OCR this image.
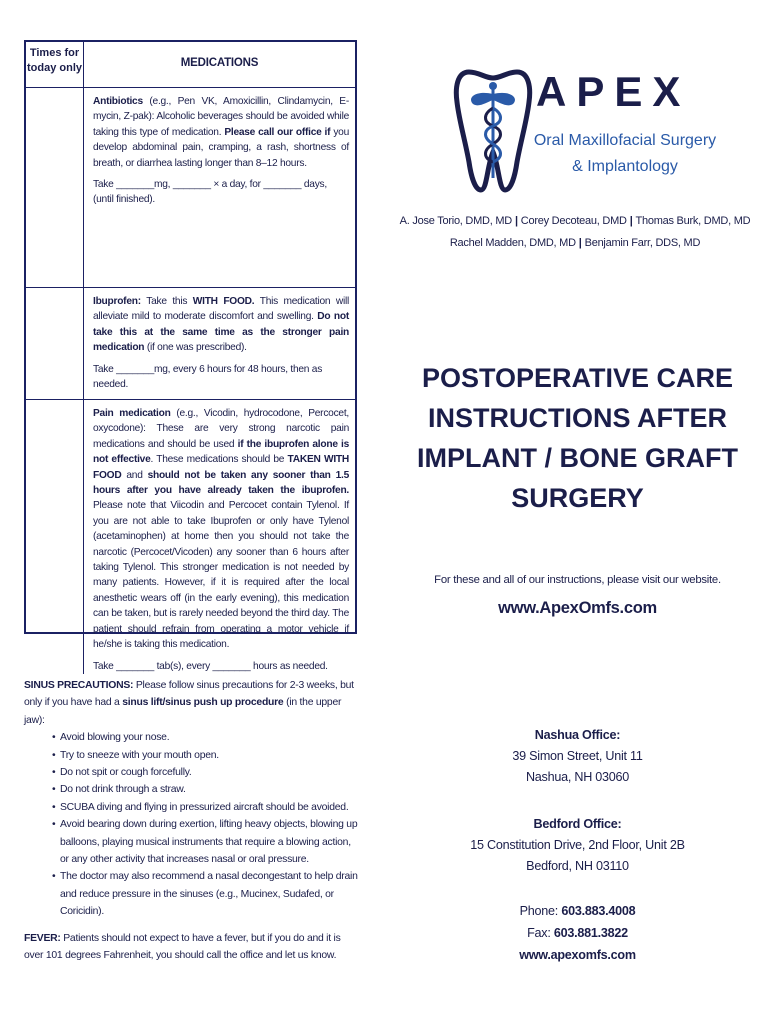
Times for today only	MEDICATIONS

Antibiotics (e.g., Pen VK, Amoxicillin, Clindamycin, E-mycin, Z-pak): Alcoholic beverages should be avoided while taking this type of medication. Please call our office if you develop abdominal pain, cramping, a rash, shortness of breath, or diarrhea lasting longer than 8–12 hours.

Take _______mg, _______ × a day, for _______ days, (until finished).

Ibuprofen: Take this WITH FOOD. This medication will alleviate mild to moderate discomfort and swelling. Do not take this at the same time as the stronger pain medication (if one was prescribed).

Take _______mg, every 6 hours for 48 hours, then as needed.

Pain medication (e.g., Vicodin, hydrocodone, Percocet, oxycodone): These are very strong narcotic pain medications and should be used if the ibuprofen alone is not effective. These medications should be TAKEN WITH FOOD and should not be taken any sooner than 1.5 hours after you have already taken the ibuprofen. Please note that Viicodin and Percocet contain Tylenol. If you are not able to take Ibuprofen or only have Tylenol (acetaminophen) at home then you should not take the narcotic (Percocet/Vicoden) any sooner than 6 hours after taking Tylenol. This stronger medication is not needed by many patients. However, if it is required after the local anesthetic wears off (in the early evening), this medication can be taken, but is rarely needed beyond the third day. The patient should refrain from operating a motor vehicle if he/she is taking this medication.

Take _______ tab(s), every _______ hours as needed.
SINUS PRECAUTIONS: Please follow sinus precautions for 2-3 weeks, but only if you have had a sinus lift/sinus push up procedure (in the upper jaw):
• Avoid blowing your nose.
• Try to sneeze with your mouth open.
• Do not spit or cough forcefully.
• Do not drink through a straw.
• SCUBA diving and flying in pressurized aircraft should be avoided.
• Avoid bearing down during exertion, lifting heavy objects, blowing up balloons, playing musical instruments that require a blowing action, or any other activity that increases nasal or oral pressure.
• The doctor may also recommend a nasal decongestant to help drain and reduce pressure in the sinuses (e.g., Mucinex, Sudafed, or Coricidin).
FEVER: Patients should not expect to have a fever, but if you do and it is over 101 degrees Fahrenheit, you should call the office and let us know.
APEX
Oral Maxillofacial Surgery
& Implantology
A. Jose Torio, DMD, MD | Corey Decoteau, DMD | Thomas Burk, DMD, MD
Rachel Madden, DMD, MD | Benjamin Farr, DDS, MD
POSTOPERATIVE CARE
INSTRUCTIONS AFTER
IMPLANT / BONE GRAFT
SURGERY
For these and all of our instructions, please visit our website.
www.ApexOmfs.com
Nashua Office:
39 Simon Street, Unit 11
Nashua, NH 03060
Bedford Office:
15 Constitution Drive, 2nd Floor, Unit 2B
Bedford, NH 03110
Phone: 603.883.4008
Fax: 603.881.3822
www.apexomfs.com
